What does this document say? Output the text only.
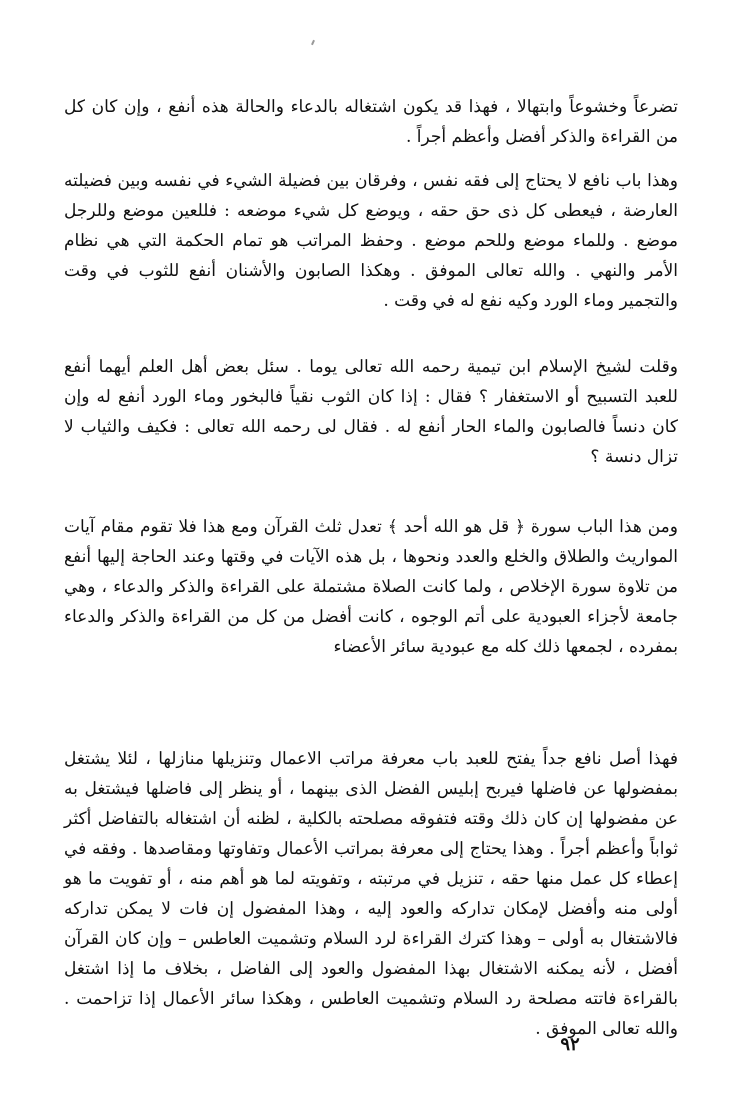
تضرعاً وخشوعاً وابتهالا ، فهذا قد يكون اشتغاله بالدعاء والحالة هذه أنفع ، وإن كان كل من القراءة والذكر أفضل وأعظم أجراً .

وهذا باب نافع لا يحتاج إلى فقه نفس ، وفرقان بين فضيلة الشيء في نفسه وبين فضيلته العارضة ، فيعطى كل ذى حق حقه ، ويوضع كل شيء موضعه : فللعين موضع وللرجل موضع . وللماء موضع وللحم موضع . وحفظ المراتب هو تمام الحكمة التي هي نظام الأمر والنهي . والله تعالى الموفق . وهكذا الصابون والأشنان أنفع للثوب في وقت والتجمير وماء الورد وكيه نفع له في وقت .

وقلت لشيخ الإسلام ابن تيمية رحمه الله تعالى يوما . سئل بعض أهل العلم أيهما أنفع للعبد التسبيح أو الاستغفار ؟ فقال : إذا كان الثوب نقياً فالبخور وماء الورد أنفع له وإن كان دنساً فالصابون والماء الحار أنفع له . فقال لى رحمه الله تعالى : فكيف والثياب لا تزال دنسة ؟

ومن هذا الباب سورة ﴿ قل هو الله أحد ﴾ تعدل ثلث القرآن ومع هذا فلا تقوم مقام آيات المواريث والطلاق والخلع والعدد ونحوها ، بل هذه الآيات في وقتها وعند الحاجة إليها أنفع من تلاوة سورة الإخلاص ، ولما كانت الصلاة مشتملة على القراءة والذكر والدعاء ، وهي جامعة لأجزاء العبودية على أتم الوجوه ، كانت أفضل من كل من القراءة والذكر والدعاء بمفرده ، لجمعها ذلك كله مع عبودية سائر الأعضاء

فهذا أصل نافع جداً يفتح للعبد باب معرفة مراتب الاعمال وتنزيلها منازلها ، لئلا يشتغل بمفضولها عن فاضلها فيربح إبليس الفضل الذى بينهما ، أو ينظر إلى فاضلها فيشتغل به عن مفضولها إن كان ذلك وقته فتفوقه مصلحته بالكلية ، لظنه أن اشتغاله بالتفاضل أكثر ثواباً وأعظم أجراً . وهذا يحتاج إلى معرفة بمراتب الأعمال وتفاوتها ومقاصدها . وفقه في إعطاء كل عمل منها حقه ، تنزيل في مرتبته ، وتفويته لما هو أهم منه ، أو تفويت ما هو أولى منه وأفضل لإمكان تداركه والعود إليه ، وهذا المفضول إن فات لا يمكن تداركه فالاشتغال به أولى – وهذا كترك القراءة لرد السلام وتشميت العاطس – وإن كان القرآن أفضل ، لأنه يمكنه الاشتغال بهذا المفضول والعود إلى الفاضل ، بخلاف ما إذا اشتغل بالقراءة فاتته مصلحة رد السلام وتشميت العاطس ، وهكذا سائر الأعمال إذا تزاحمت . والله تعالى الموفق .

٩٢
